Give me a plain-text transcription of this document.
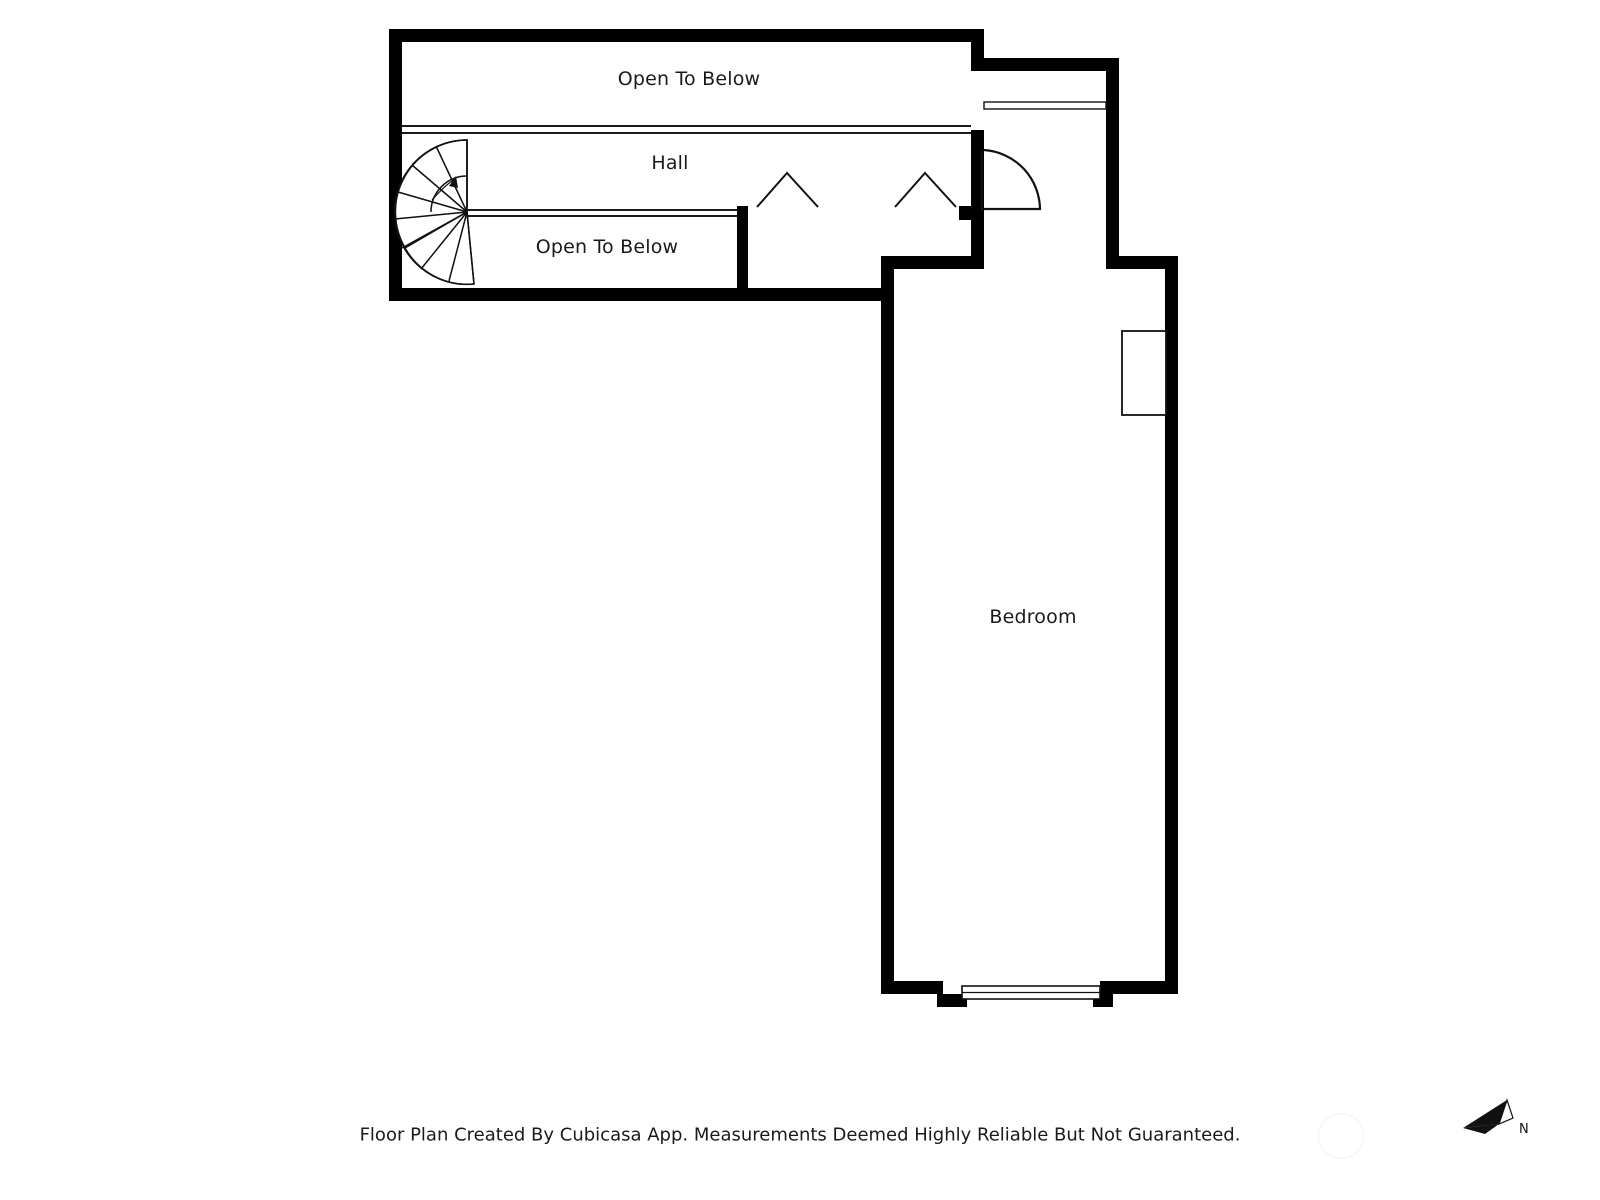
Open To Below
Hall
Open To Below
Bedroom
Floor Plan Created By Cubicasa App. Measurements Deemed Highly Reliable But Not Guaranteed.	N
